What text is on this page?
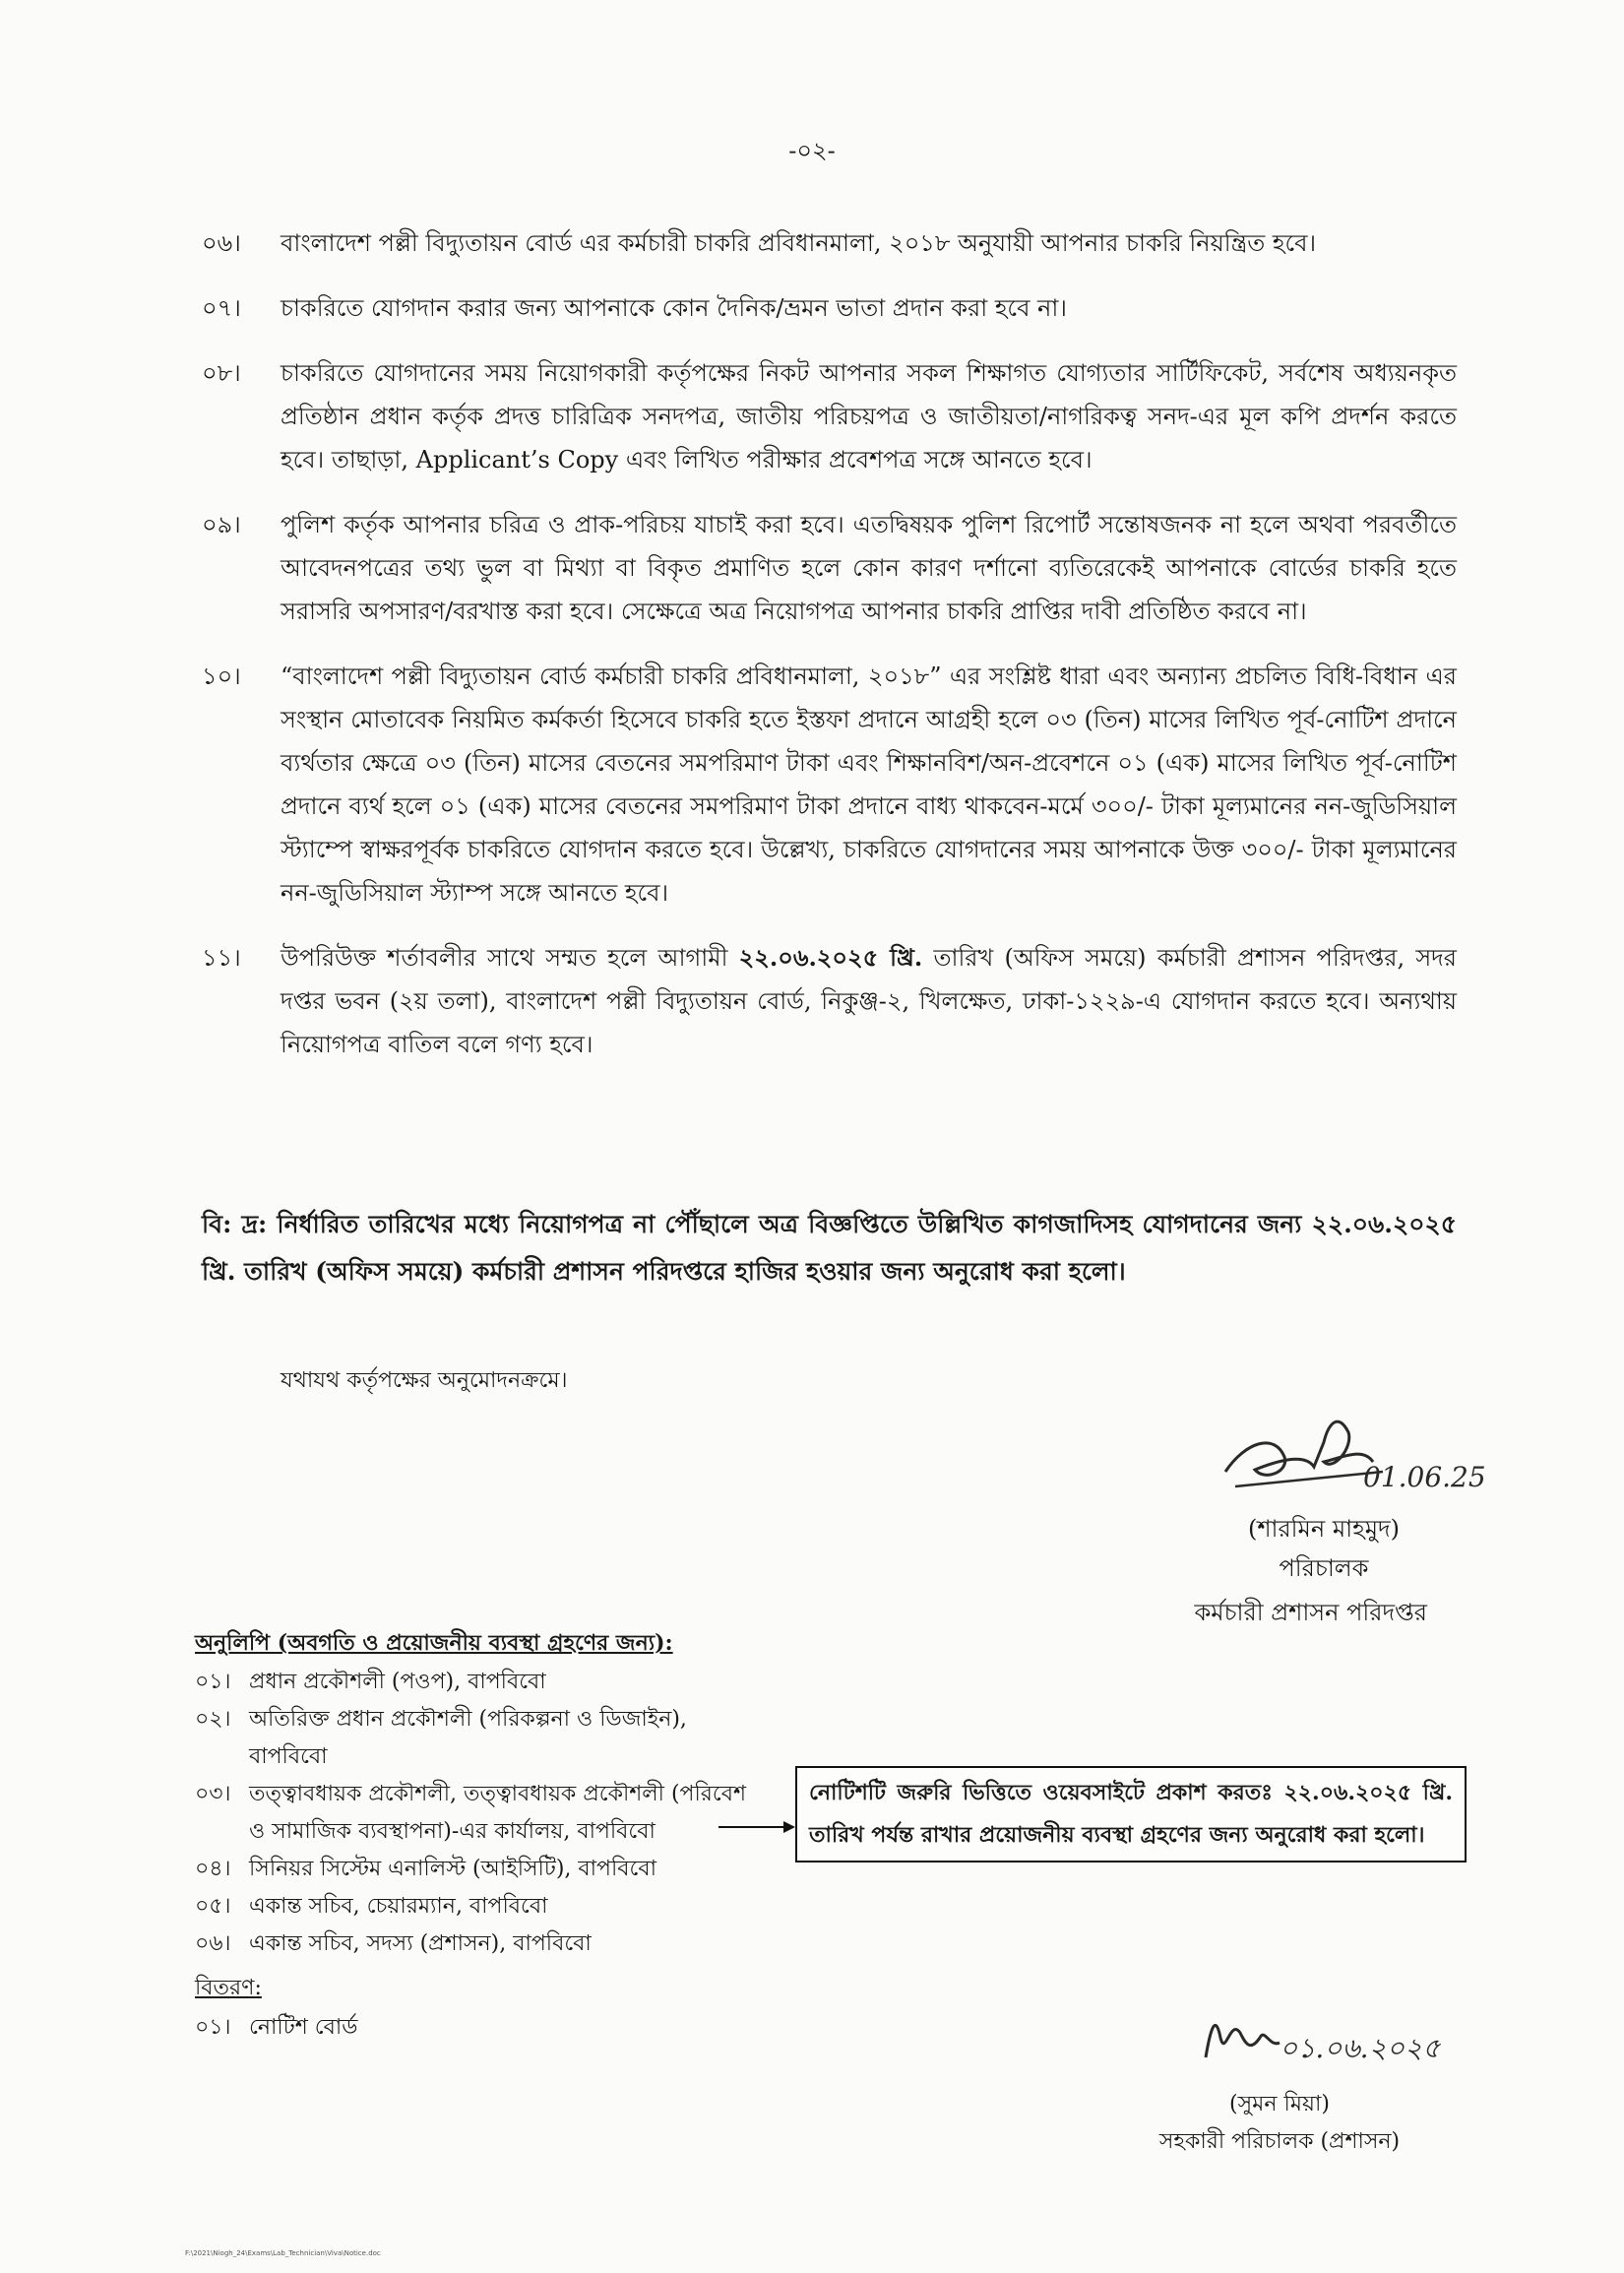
-০২-
০৬।	বাংলাদেশ পল্লী বিদ্যুতায়ন বোর্ড এর কর্মচারী চাকরি প্রবিধানমালা, ২০১৮ অনুযায়ী আপনার চাকরি নিয়ন্ত্রিত হবে।
০৭।	চাকরিতে যোগদান করার জন্য আপনাকে কোন দৈনিক/ভ্রমন ভাতা প্রদান করা হবে না।
০৮।	চাকরিতে যোগদানের সময় নিয়োগকারী কর্তৃপক্ষের নিকট আপনার সকল শিক্ষাগত যোগ্যতার সার্টিফিকেট, সর্বশেষ অধ্যয়নকৃত প্রতিষ্ঠান প্রধান কর্তৃক প্রদত্ত চারিত্রিক সনদপত্র, জাতীয় পরিচয়পত্র ও জাতীয়তা/নাগরিকত্ব সনদ-এর মূল কপি প্রদর্শন করতে হবে। তাছাড়া, Applicant’s Copy এবং লিখিত পরীক্ষার প্রবেশপত্র সঙ্গে আনতে হবে।
০৯।	পুলিশ কর্তৃক আপনার চরিত্র ও প্রাক-পরিচয় যাচাই করা হবে। এতদ্বিষয়ক পুলিশ রিপোর্ট সন্তোষজনক না হলে অথবা পরবর্তীতে আবেদনপত্রের তথ্য ভুল বা মিথ্যা বা বিকৃত প্রমাণিত হলে কোন কারণ দর্শানো ব্যতিরেকেই আপনাকে বোর্ডের চাকরি হতে সরাসরি অপসারণ/বরখাস্ত করা হবে। সেক্ষেত্রে অত্র নিয়োগপত্র আপনার চাকরি প্রাপ্তির দাবী প্রতিষ্ঠিত করবে না।
১০।	“বাংলাদেশ পল্লী বিদ্যুতায়ন বোর্ড কর্মচারী চাকরি প্রবিধানমালা, ২০১৮” এর সংশ্লিষ্ট ধারা এবং অন্যান্য প্রচলিত বিধি-বিধান এর সংস্থান মোতাবেক নিয়মিত কর্মকর্তা হিসেবে চাকরি হতে ইস্তফা প্রদানে আগ্রহী হলে ০৩ (তিন) মাসের লিখিত পূর্ব-নোটিশ প্রদানে ব্যর্থতার ক্ষেত্রে ০৩ (তিন) মাসের বেতনের সমপরিমাণ টাকা এবং শিক্ষানবিশ/অন-প্রবেশনে ০১ (এক) মাসের লিখিত পূর্ব-নোটিশ প্রদানে ব্যর্থ হলে ০১ (এক) মাসের বেতনের সমপরিমাণ টাকা প্রদানে বাধ্য থাকবেন-মর্মে ৩০০/- টাকা মূল্যমানের নন-জুডিসিয়াল স্ট্যাম্পে স্বাক্ষরপূর্বক চাকরিতে যোগদান করতে হবে। উল্লেখ্য, চাকরিতে যোগদানের সময় আপনাকে উক্ত ৩০০/- টাকা মূল্যমানের নন-জুডিসিয়াল স্ট্যাম্প সঙ্গে আনতে হবে।
১১।	উপরিউক্ত শর্তাবলীর সাথে সম্মত হলে আগামী ২২.০৬.২০২৫ খ্রি. তারিখ (অফিস সময়ে) কর্মচারী প্রশাসন পরিদপ্তর, সদর দপ্তর ভবন (২য় তলা), বাংলাদেশ পল্লী বিদ্যুতায়ন বোর্ড, নিকুঞ্জ-২, খিলক্ষেত, ঢাকা-১২২৯-এ যোগদান করতে হবে। অন্যথায় নিয়োগপত্র বাতিল বলে গণ্য হবে।
বি: দ্র: নির্ধারিত তারিখের মধ্যে নিয়োগপত্র না পৌঁছালে অত্র বিজ্ঞপ্তিতে উল্লিখিত কাগজাদিসহ যোগদানের জন্য ২২.০৬.২০২৫ খ্রি. তারিখ (অফিস সময়ে) কর্মচারী প্রশাসন পরিদপ্তরে হাজির হওয়ার জন্য অনুরোধ করা হলো।
যথাযথ কর্তৃপক্ষের অনুমোদনক্রমে।
01.06.25
(শারমিন মাহমুদ)
পরিচালক
কর্মচারী প্রশাসন পরিদপ্তর
অনুলিপি (অবগতি ও প্রয়োজনীয় ব্যবস্থা গ্রহণের জন্য):
০১। প্রধান প্রকৌশলী (পওপ), বাপবিবো
০২। অতিরিক্ত প্রধান প্রকৌশলী (পরিকল্পনা ও ডিজাইন), বাপবিবো
০৩। তত্ত্বাবধায়ক প্রকৌশলী, তত্ত্বাবধায়ক প্রকৌশলী (পরিবেশ ও সামাজিক ব্যবস্থাপনা)-এর কার্যালয়, বাপবিবো
০৪। সিনিয়র সিস্টেম এনালিস্ট (আইসিটি), বাপবিবো
০৫। একান্ত সচিব, চেয়ারম্যান, বাপবিবো
০৬। একান্ত সচিব, সদস্য (প্রশাসন), বাপবিবো
নোটিশটি জরুরি ভিত্তিতে ওয়েবসাইটে প্রকাশ করতঃ ২২.০৬.২০২৫ খ্রি. তারিখ পর্যন্ত রাখার প্রয়োজনীয় ব্যবস্থা গ্রহণের জন্য অনুরোধ করা হলো।
বিতরণ:
০১। নোটিশ বোর্ড
০১.০৬.২০২৫
(সুমন মিয়া)
সহকারী পরিচালক (প্রশাসন)
F:\2021\Niogh_24\Exams\Lab_Technician\Viva\Notice.doc
